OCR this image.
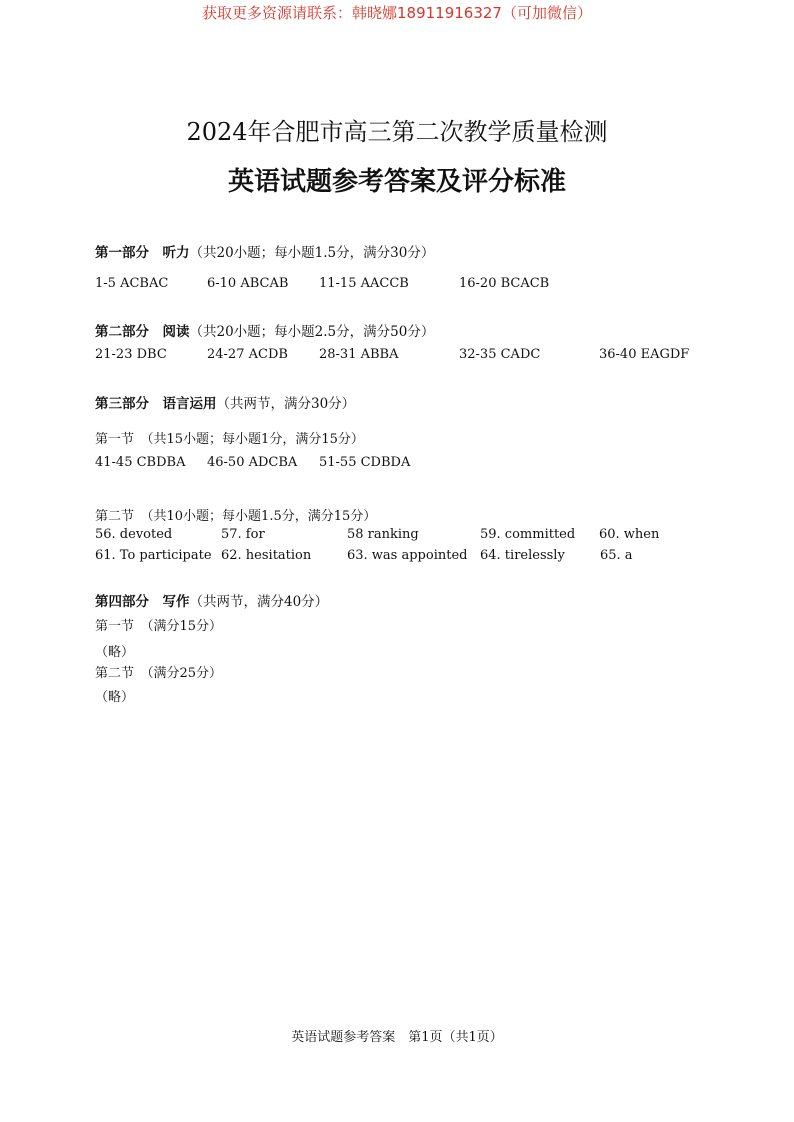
获取更多资源请联系：韩晓娜18911916327（可加微信）
2024年合肥市高三第二次教学质量检测
英语试题参考答案及评分标准
第一部分　听力（共20小题；每小题1.5分，满分30分）
1-5 ACBAC	6-10 ABCAB 11-15 AACCB	16-20 BCACB
第二部分　阅读（共20小题；每小题2.5分，满分50分）
21-23 DBC	24-27 ACDB 28-31 ABBA	32-35 CADC	36-40 EAGDF
第三部分　语言运用（共两节，满分30分）
第一节　（共15小题；每小题1分，满分15分）
41-45 CBDBA 46-50 ADCBA 51-55 CDBDA
第二节　（共10小题；每小题1.5分，满分15分）
56. devoted	57. for	58 ranking	59. committed 60. when
61. To participate 62. hesitation	63. was appointed 64. tirelessly	65. a
第四部分　写作（共两节，满分40分）
第一节　（满分15分）
（略）
第二节　（满分25分）
（略）
英语试题参考答案　第1页（共1页）
